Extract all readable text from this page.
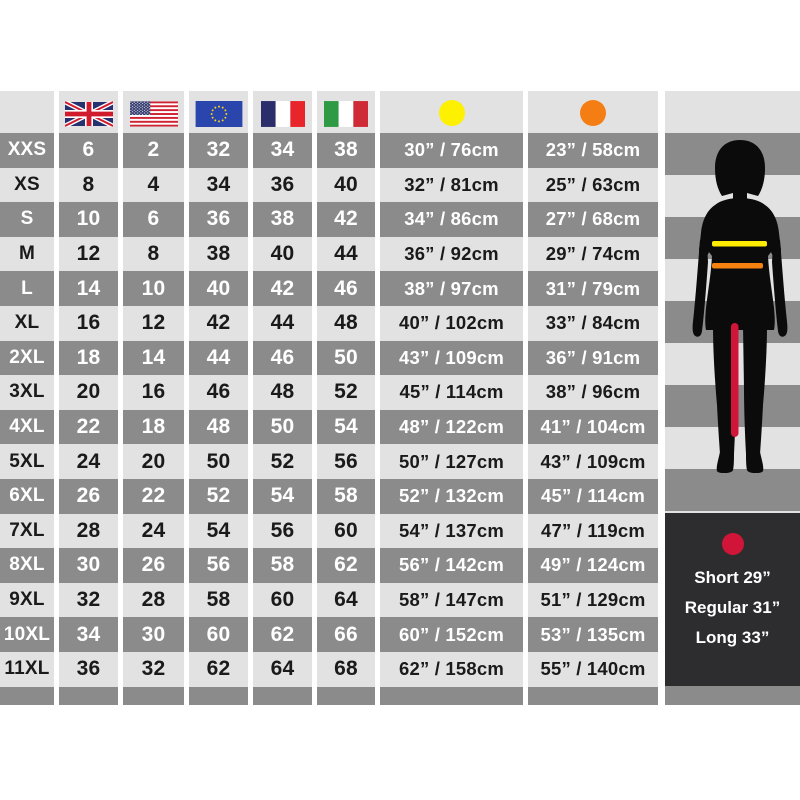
XXS	6	2	32	34	38	30” / 76cm	23” / 58cm
XS	8	4	34	36	40	32” / 81cm	25” / 63cm
S	10	6	36	38	42	34” / 86cm	27” / 68cm
M	12	8	38	40	44	36” / 92cm	29” / 74cm
L	14	10	40	42	46	38” / 97cm	31” / 79cm
XL	16	12	42	44	48	40” / 102cm	33” / 84cm
2XL	18	14	44	46	50	43” / 109cm	36” / 91cm
3XL	20	16	46	48	52	45” / 114cm	38” / 96cm
4XL	22	18	48	50	54	48” / 122cm	41” / 104cm
5XL	24	20	50	52	56	50” / 127cm	43” / 109cm
6XL	26	22	52	54	58	52” / 132cm	45” / 114cm
7XL	28	24	54	56	60	54” / 137cm	47” / 119cm
8XL	30	26	56	58	62	56” / 142cm	49” / 124cm
9XL	32	28	58	60	64	58” / 147cm	51” / 129cm
10XL	34	30	60	62	66	60” / 152cm	53” / 135cm
11XL	36	32	62	64	68	62” / 158cm	55” / 140cm
Short 29”
Regular 31”
Long 33”
